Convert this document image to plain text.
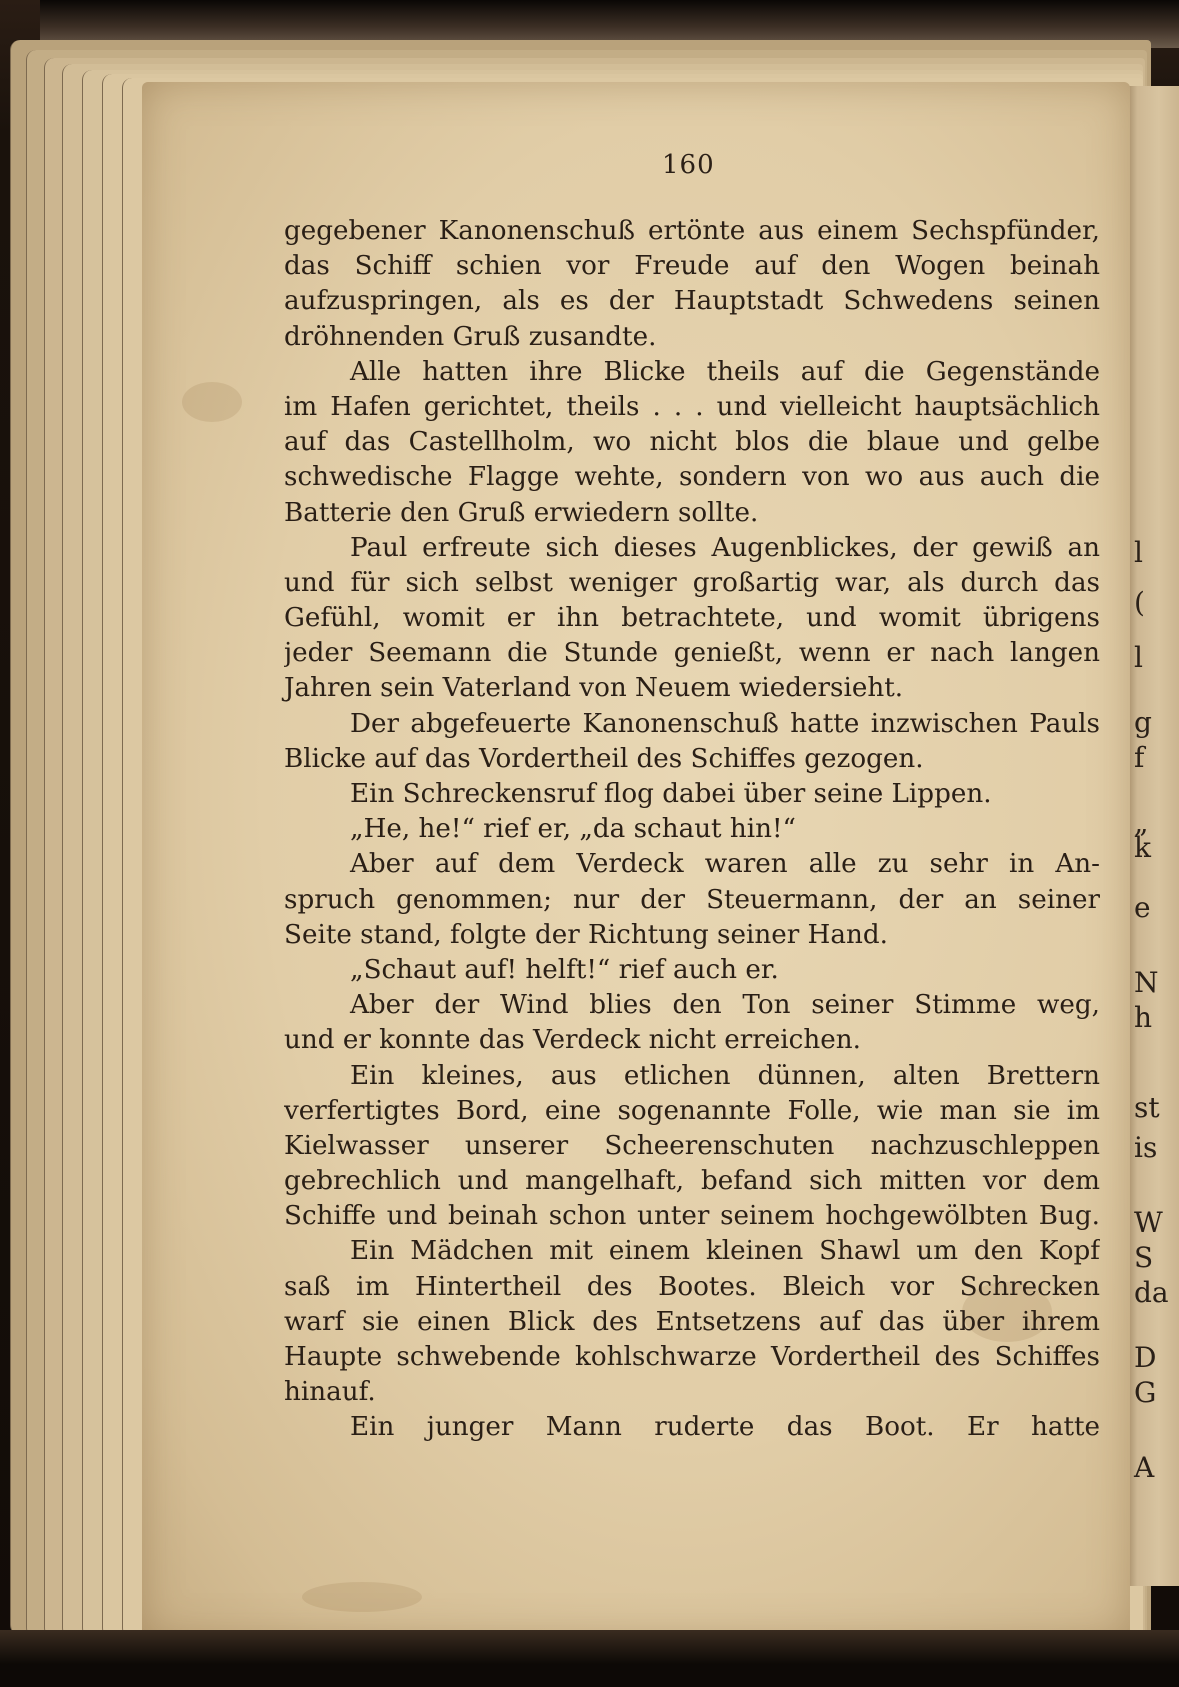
l
(
l
g
f
„
k
e
N
h
st
is
W
S
da
D
G
A
160
gegebener Kanonenschuß ertönte aus einem Sechspfünder,
das Schiff schien vor Freude auf den Wogen beinah
aufzuspringen, als es der Hauptstadt Schwedens seinen
dröhnenden Gruß zusandte.
Alle hatten ihre Blicke theils auf die Gegenstände
im Hafen gerichtet, theils . . . und vielleicht hauptsächlich
auf das Castellholm, wo nicht blos die blaue und gelbe
schwedische Flagge wehte, sondern von wo aus auch die
Batterie den Gruß erwiedern sollte.
Paul erfreute sich dieses Augenblickes, der gewiß an
und für sich selbst weniger großartig war, als durch das
Gefühl, womit er ihn betrachtete, und womit übrigens
jeder Seemann die Stunde genießt, wenn er nach langen
Jahren sein Vaterland von Neuem wiedersieht.
Der abgefeuerte Kanonenschuß hatte inzwischen Pauls
Blicke auf das Vordertheil des Schiffes gezogen.
Ein Schreckensruf flog dabei über seine Lippen.
„He, he!“ rief er, „da schaut hin!“
Aber auf dem Verdeck waren alle zu sehr in An-
spruch genommen; nur der Steuermann, der an seiner
Seite stand, folgte der Richtung seiner Hand.
„Schaut auf! helft!“ rief auch er.
Aber der Wind blies den Ton seiner Stimme weg,
und er konnte das Verdeck nicht erreichen.
Ein kleines, aus etlichen dünnen, alten Brettern
verfertigtes Bord, eine sogenannte Folle, wie man sie im
Kielwasser unserer Scheerenschuten nachzuschleppen
gebrechlich und mangelhaft, befand sich mitten vor dem
Schiffe und beinah schon unter seinem hochgewölbten Bug.
Ein Mädchen mit einem kleinen Shawl um den Kopf
saß im Hintertheil des Bootes. Bleich vor Schrecken
warf sie einen Blick des Entsetzens auf das über ihrem
Haupte schwebende kohlschwarze Vordertheil des Schiffes
hinauf.
Ein junger Mann ruderte das Boot. Er hatte
